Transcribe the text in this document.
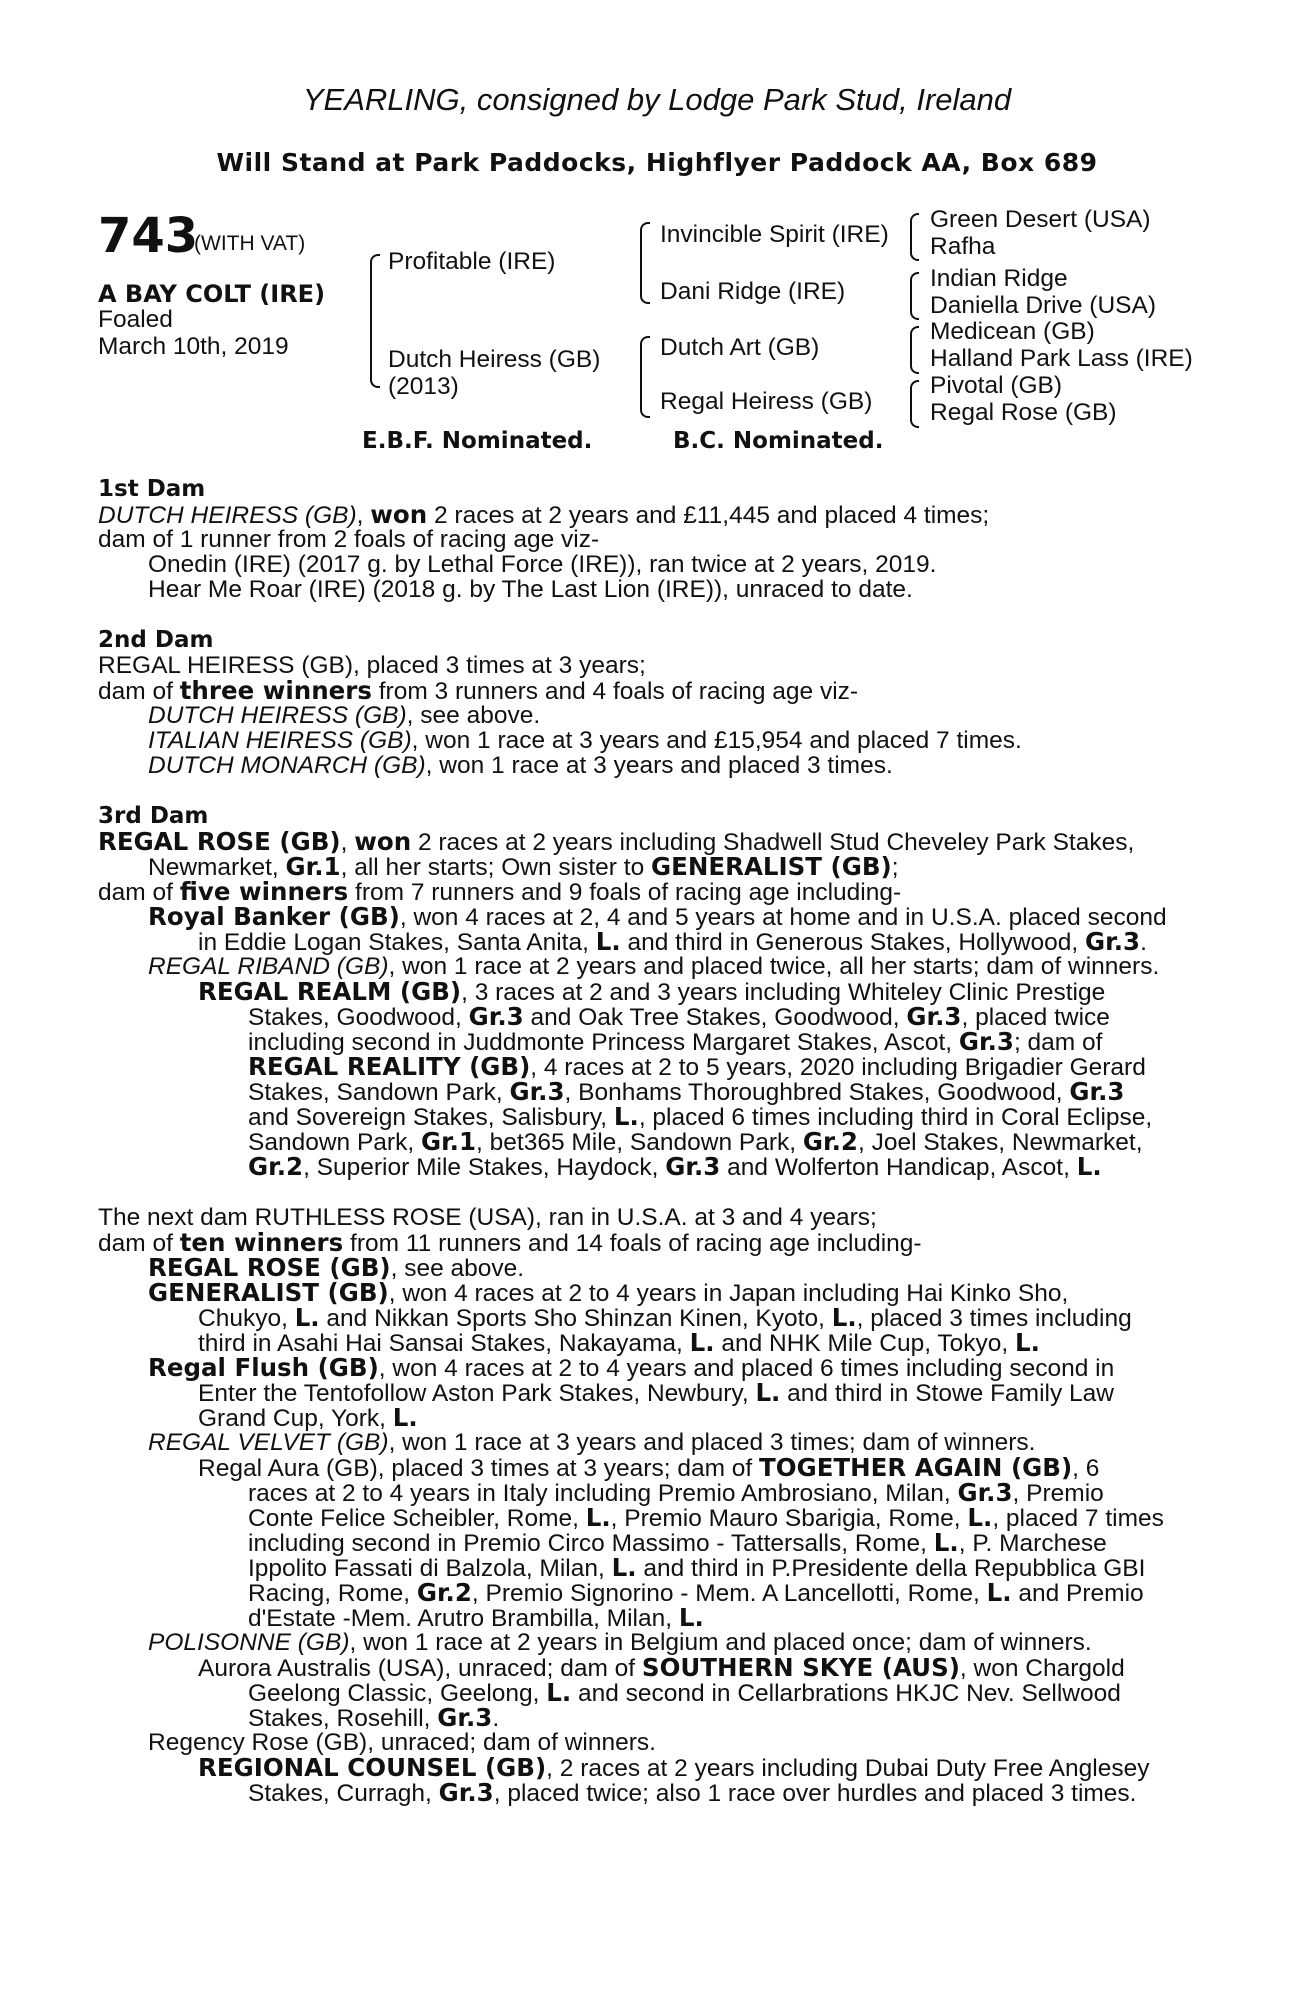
YEARLING, consigned by Lodge Park Stud, Ireland
Will Stand at Park Paddocks, Highflyer Paddock AA, Box 689
743
(WITH VAT)
A BAY COLT (IRE)
Foaled
March 10th, 2019
Profitable (IRE)
Dutch Heiress (GB)
(2013)
Invincible Spirit (IRE)
Dani Ridge (IRE)
Dutch Art (GB)
Regal Heiress (GB)
Green Desert (USA)
Rafha
Indian Ridge
Daniella Drive (USA)
Medicean (GB)
Halland Park Lass (IRE)
Pivotal (GB)
Regal Rose (GB)
E.B.F. Nominated.	B.C. Nominated.
1st Dam
DUTCH HEIRESS (GB), won 2 races at 2 years and £11,445 and placed 4 times;
dam of 1 runner from 2 foals of racing age viz-
Onedin (IRE) (2017 g. by Lethal Force (IRE)), ran twice at 2 years, 2019.
Hear Me Roar (IRE) (2018 g. by The Last Lion (IRE)), unraced to date.
2nd Dam
REGAL HEIRESS (GB), placed 3 times at 3 years;
dam of three winners from 3 runners and 4 foals of racing age viz-
DUTCH HEIRESS (GB), see above.
ITALIAN HEIRESS (GB), won 1 race at 3 years and £15,954 and placed 7 times.
DUTCH MONARCH (GB), won 1 race at 3 years and placed 3 times.
3rd Dam
REGAL ROSE (GB), won 2 races at 2 years including Shadwell Stud Cheveley Park Stakes,
Newmarket, Gr.1, all her starts; Own sister to GENERALIST (GB);
dam of five winners from 7 runners and 9 foals of racing age including-
Royal Banker (GB), won 4 races at 2, 4 and 5 years at home and in U.S.A. placed second
in Eddie Logan Stakes, Santa Anita, L. and third in Generous Stakes, Hollywood, Gr.3.
REGAL RIBAND (GB), won 1 race at 2 years and placed twice, all her starts; dam of winners.
REGAL REALM (GB), 3 races at 2 and 3 years including Whiteley Clinic Prestige
Stakes, Goodwood, Gr.3 and Oak Tree Stakes, Goodwood, Gr.3, placed twice
including second in Juddmonte Princess Margaret Stakes, Ascot, Gr.3; dam of
REGAL REALITY (GB), 4 races at 2 to 5 years, 2020 including Brigadier Gerard
Stakes, Sandown Park, Gr.3, Bonhams Thoroughbred Stakes, Goodwood, Gr.3
and Sovereign Stakes, Salisbury, L., placed 6 times including third in Coral Eclipse,
Sandown Park, Gr.1, bet365 Mile, Sandown Park, Gr.2, Joel Stakes, Newmarket,
Gr.2, Superior Mile Stakes, Haydock, Gr.3 and Wolferton Handicap, Ascot, L.
The next dam RUTHLESS ROSE (USA), ran in U.S.A. at 3 and 4 years;
dam of ten winners from 11 runners and 14 foals of racing age including-
REGAL ROSE (GB), see above.
GENERALIST (GB), won 4 races at 2 to 4 years in Japan including Hai Kinko Sho,
Chukyo, L. and Nikkan Sports Sho Shinzan Kinen, Kyoto, L., placed 3 times including
third in Asahi Hai Sansai Stakes, Nakayama, L. and NHK Mile Cup, Tokyo, L.
Regal Flush (GB), won 4 races at 2 to 4 years and placed 6 times including second in
Enter the Tentofollow Aston Park Stakes, Newbury, L. and third in Stowe Family Law
Grand Cup, York, L.
REGAL VELVET (GB), won 1 race at 3 years and placed 3 times; dam of winners.
Regal Aura (GB), placed 3 times at 3 years; dam of TOGETHER AGAIN (GB), 6
races at 2 to 4 years in Italy including Premio Ambrosiano, Milan, Gr.3, Premio
Conte Felice Scheibler, Rome, L., Premio Mauro Sbarigia, Rome, L., placed 7 times
including second in Premio Circo Massimo - Tattersalls, Rome, L., P. Marchese
Ippolito Fassati di Balzola, Milan, L. and third in P.Presidente della Repubblica GBI
Racing, Rome, Gr.2, Premio Signorino - Mem. A Lancellotti, Rome, L. and Premio
d'Estate -Mem. Arutro Brambilla, Milan, L.
POLISONNE (GB), won 1 race at 2 years in Belgium and placed once; dam of winners.
Aurora Australis (USA), unraced; dam of SOUTHERN SKYE (AUS), won Chargold
Geelong Classic, Geelong, L. and second in Cellarbrations HKJC Nev. Sellwood
Stakes, Rosehill, Gr.3.
Regency Rose (GB), unraced; dam of winners.
REGIONAL COUNSEL (GB), 2 races at 2 years including Dubai Duty Free Anglesey
Stakes, Curragh, Gr.3, placed twice; also 1 race over hurdles and placed 3 times.
